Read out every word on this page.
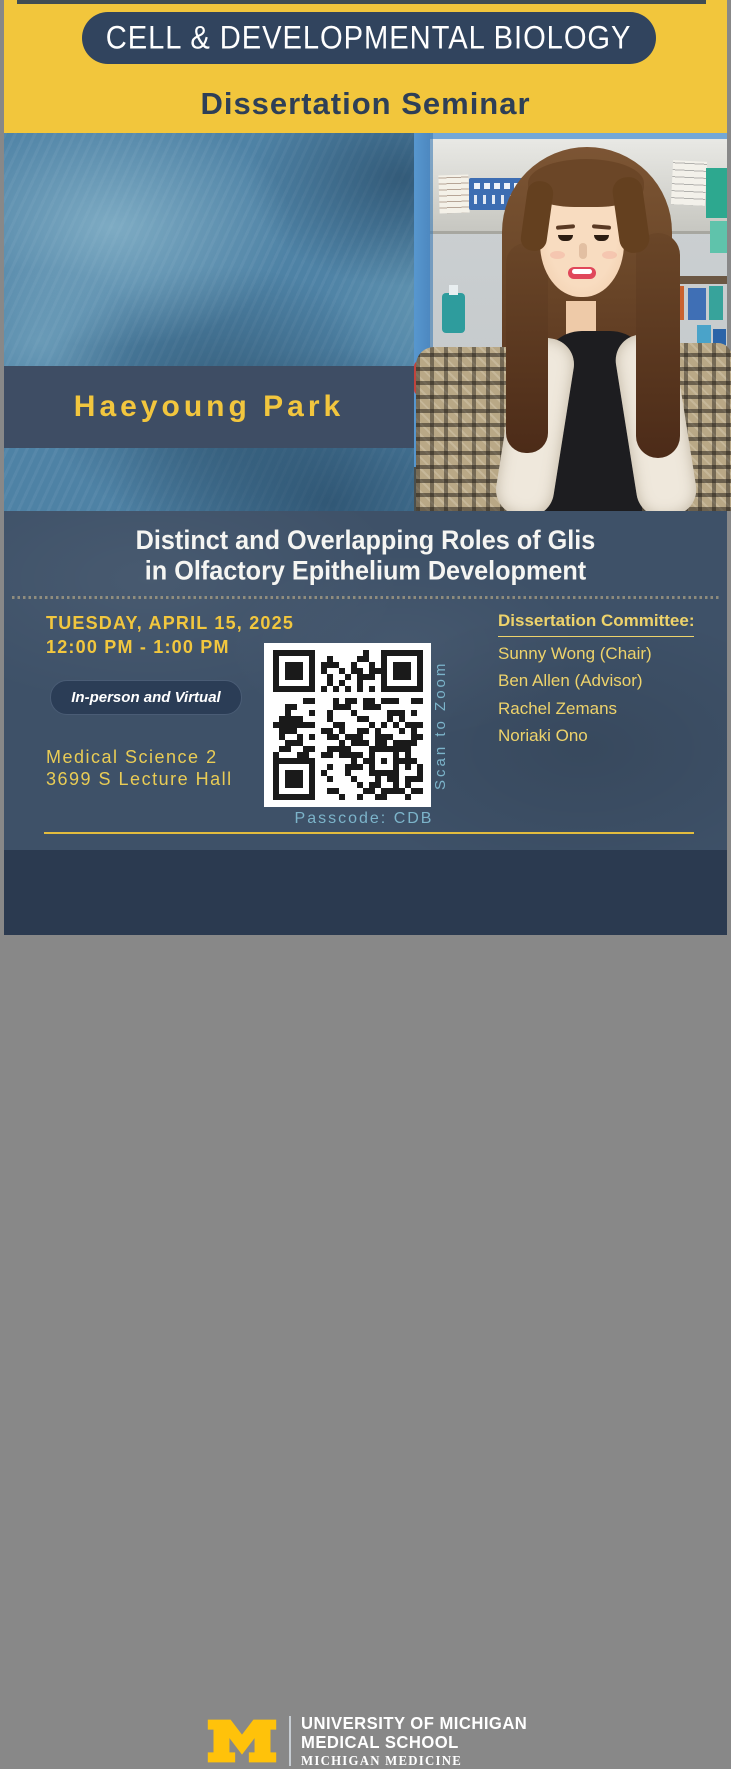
CELL & DEVELOPMENTAL BIOLOGY
Dissertation Seminar
Haeyoung Park
Distinct and Overlapping Roles of Glis
in Olfactory Epithelium Development
TUESDAY, APRIL 15, 2025
12:00 PM - 1:00 PM
In-person and Virtual
Medical Science 2
3699 S Lecture Hall	Scan to Zoom
Passcode: CDB
Dissertation Committee:
Sunny Wong (Chair)
Ben Allen (Advisor)
Rachel Zemans
Noriaki Ono
UNIVERSITY OF MICHIGAN
MEDICAL SCHOOL
MICHIGAN MEDICINE
